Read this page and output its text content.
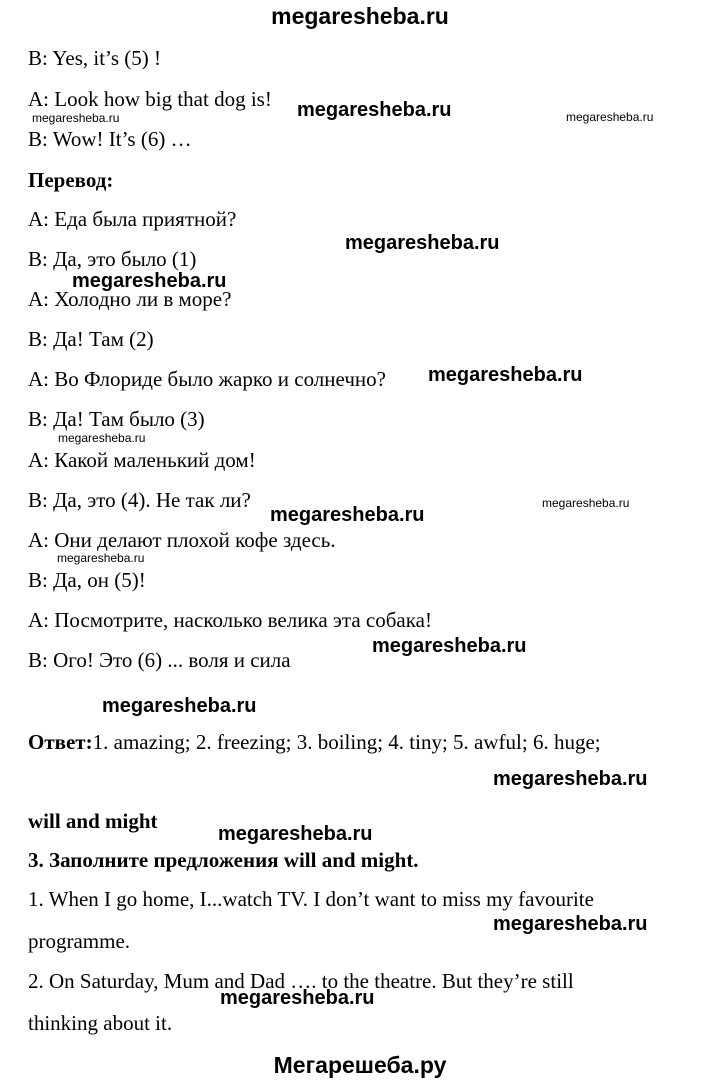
megaresheba.ru
B: Yes, it’s (5) !
A: Look how big that dog is!
B: Wow! It’s (6) …
Перевод:
A: Еда была приятной?
B: Да, это было (1)
A: Холодно ли в море?
B: Да! Там (2)
A: Во Флориде было жарко и солнечно?
B: Да! Там было (3)
A: Какой маленький дом!
B: Да, это (4). Не так ли?
A: Они делают плохой кофе здесь.
B: Да, он (5)!
A: Посмотрите, насколько велика эта собака!
B: Ого! Это (6) ... воля и сила
Ответ:1. amazing; 2. freezing; 3. boiling; 4. tiny; 5. awful; 6. huge;
will and might
3. Заполните предложения will and might.
1. When I go home, I...watch TV. I don’t want to miss my favourite
programme.
2. On Saturday, Mum and Dad …. to the theatre. But they’re still
thinking about it.
megaresheba.ru	megaresheba.ru	megaresheba.ru
megaresheba.ru
megaresheba.ru
megaresheba.ru
megaresheba.ru
megaresheba.ru
megaresheba.ru
megaresheba.ru
megaresheba.ru
megaresheba.ru
megaresheba.ru
megaresheba.ru
megaresheba.ru
megaresheba.ru
Мегарешеба.ру
